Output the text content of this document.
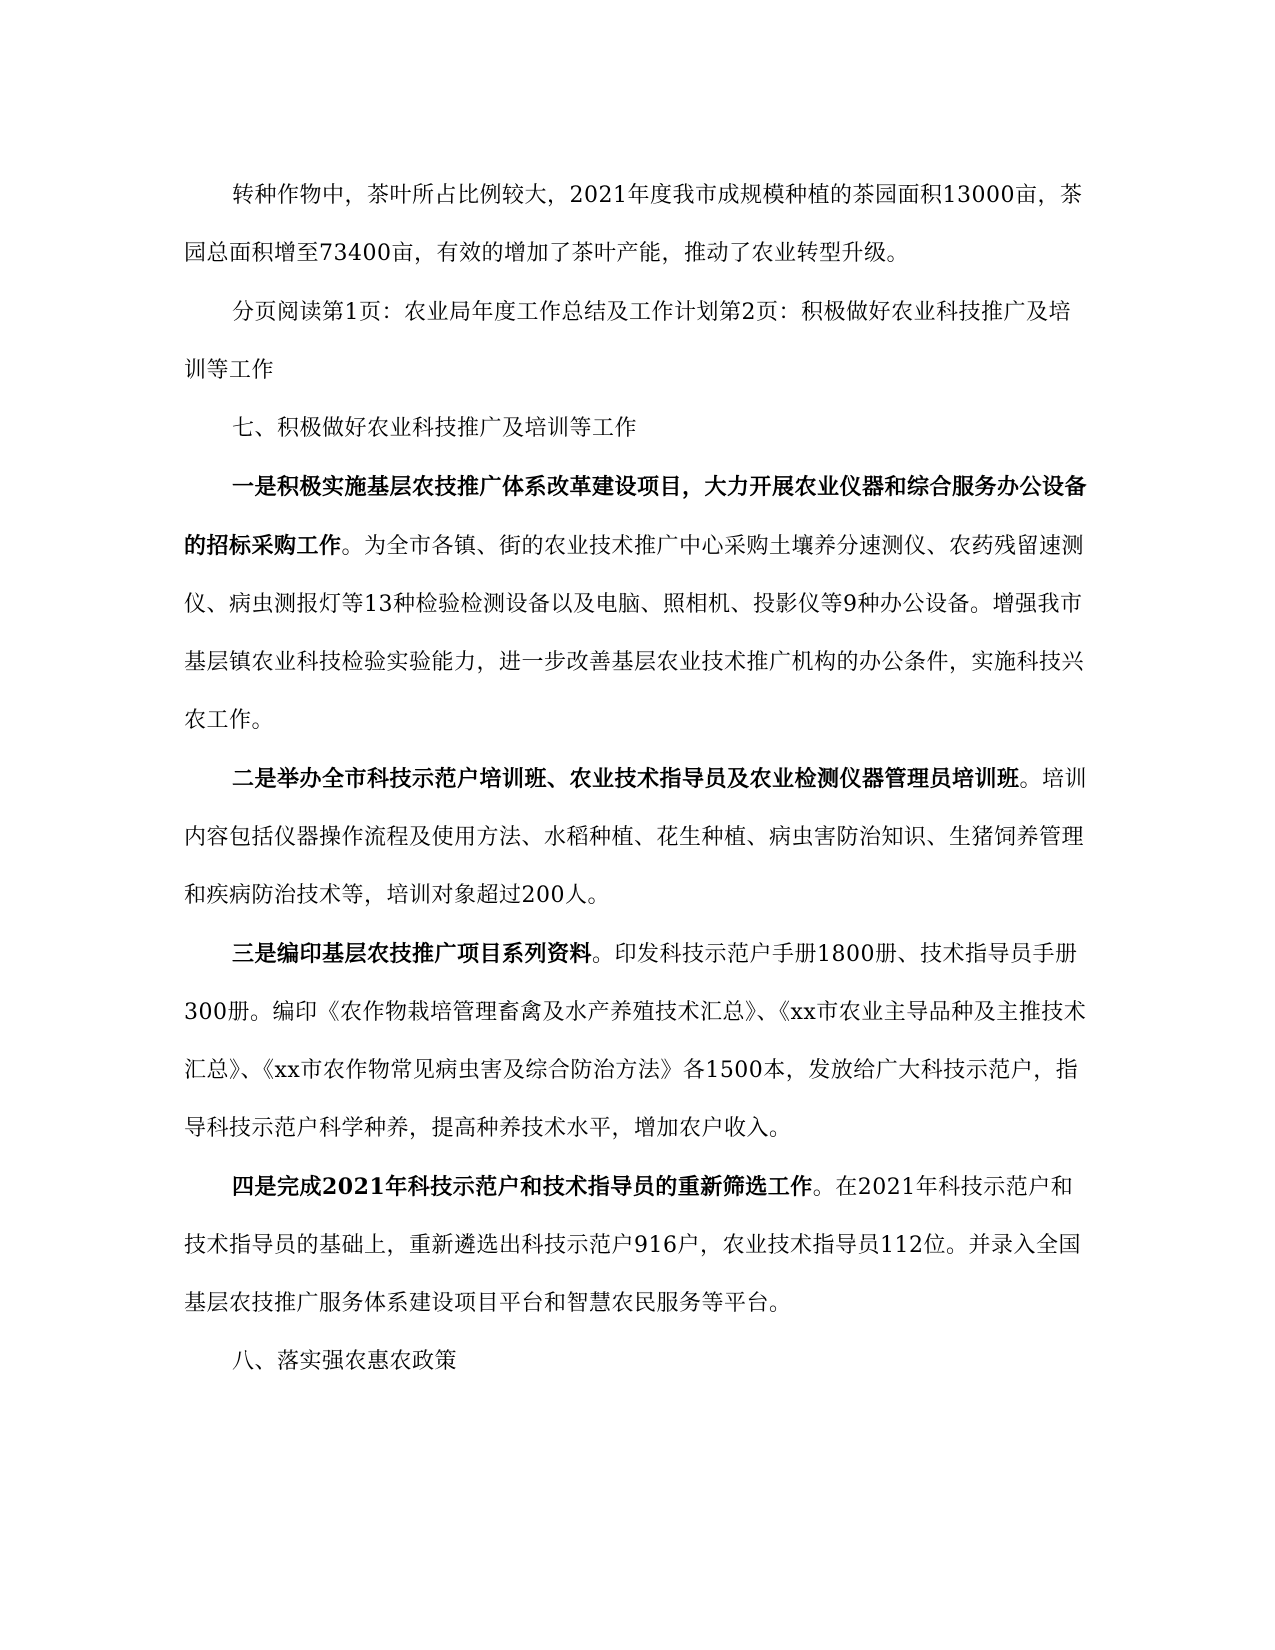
转种作物中，茶叶所占比例较大，2021年度我市成规模种植的茶园面积13000亩，茶园总面积增至73400亩，有效的增加了茶叶产能，推动了农业转型升级。

分页阅读第1页：农业局年度工作总结及工作计划第2页：积极做好农业科技推广及培训等工作

七、积极做好农业科技推广及培训等工作

一是积极实施基层农技推广体系改革建设项目，大力开展农业仪器和综合服务办公设备的招标采购工作。为全市各镇、街的农业技术推广中心采购土壤养分速测仪、农药残留速测仪、病虫测报灯等13种检验检测设备以及电脑、照相机、投影仪等9种办公设备。增强我市基层镇农业科技检验实验能力，进一步改善基层农业技术推广机构的办公条件，实施科技兴农工作。

二是举办全市科技示范户培训班、农业技术指导员及农业检测仪器管理员培训班。培训内容包括仪器操作流程及使用方法、水稻种植、花生种植、病虫害防治知识、生猪饲养管理和疾病防治技术等，培训对象超过200人。

三是编印基层农技推广项目系列资料。印发科技示范户手册1800册、技术指导员手册300册。编印《农作物栽培管理畜禽及水产养殖技术汇总》、《xx市农业主导品种及主推技术汇总》、《xx市农作物常见病虫害及综合防治方法》各1500本，发放给广大科技示范户，指导科技示范户科学种养，提高种养技术水平，增加农户收入。

四是完成2021年科技示范户和技术指导员的重新筛选工作。在2021年科技示范户和技术指导员的基础上，重新遴选出科技示范户916户，农业技术指导员112位。并录入全国基层农技推广服务体系建设项目平台和智慧农民服务等平台。

八、落实强农惠农政策
